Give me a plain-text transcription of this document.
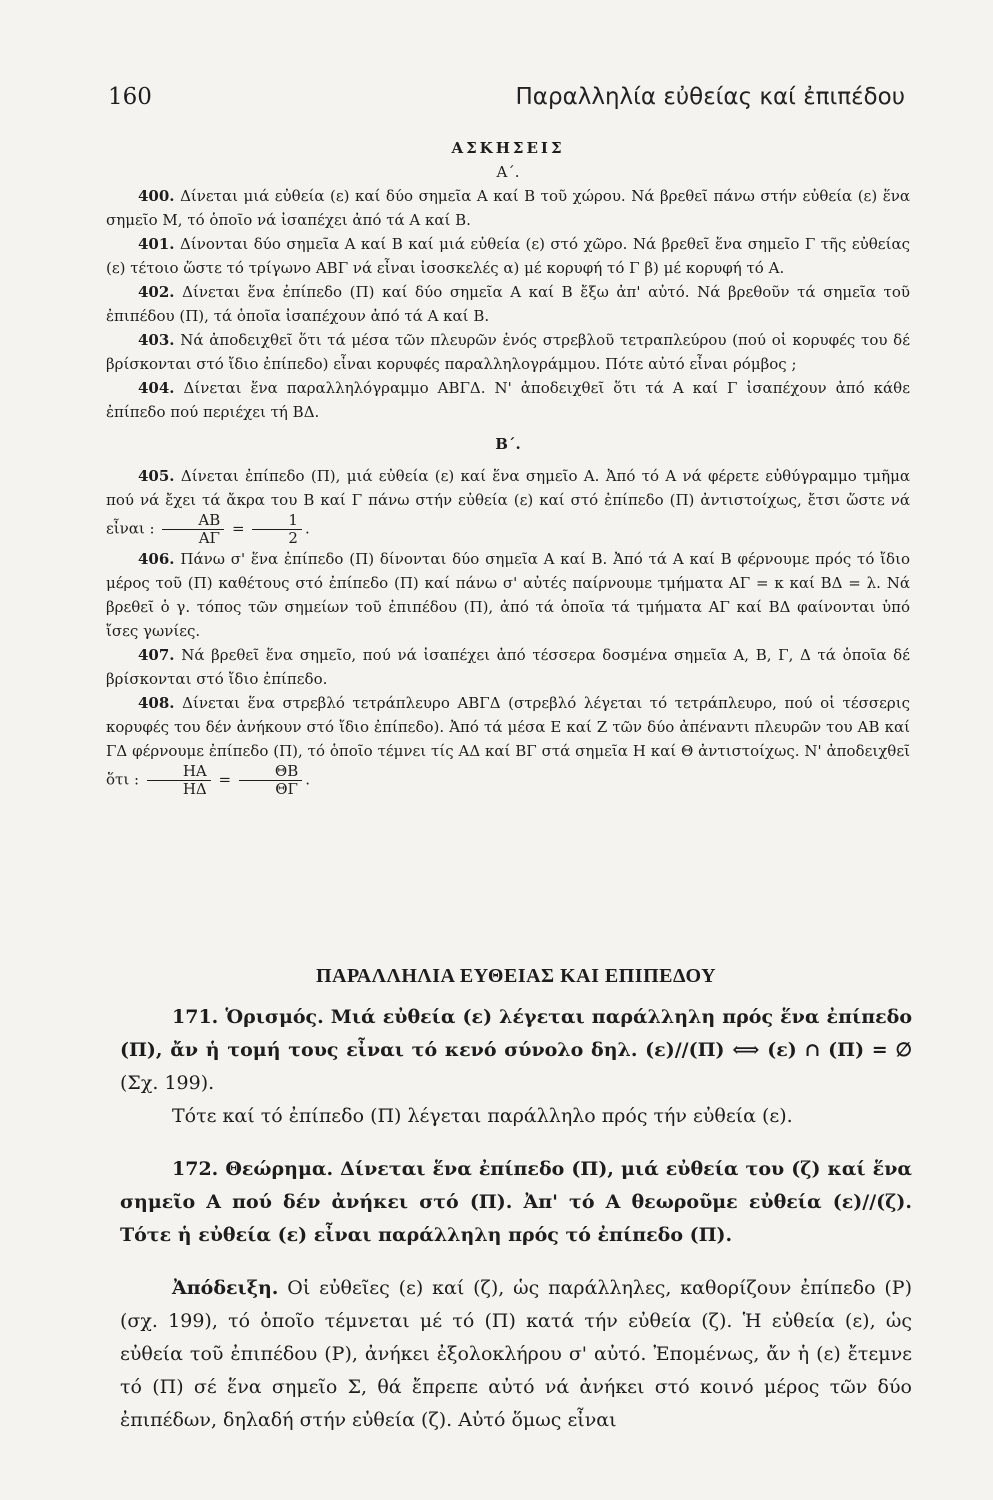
160	Παραλληλία εὐθείας καί ἐπιπέδου
ΑΣΚΗΣΕΙΣ
Α΄.

400. Δίνεται μιά εὐθεία (ε) καί δύο σημεῖα Α καί Β τοῦ χώρου. Νά βρεθεῖ πάνω στήν εὐθεία (ε) ἕνα σημεῖο Μ, τό ὁποῖο νά ἰσαπέχει ἀπό τά Α καί Β.

401. Δίνονται δύο σημεῖα Α καί Β καί μιά εὐθεία (ε) στό χῶρο. Νά βρεθεῖ ἕνα σημεῖο Γ τῆς εὐθείας (ε) τέτοιο ὥστε τό τρίγωνο ΑΒΓ νά εἶναι ἰσοσκελές α) μέ κορυφή τό Γ β) μέ κορυφή τό Α.

402. Δίνεται ἕνα ἐπίπεδο (Π) καί δύο σημεῖα Α καί Β ἔξω ἀπ' αὐτό. Νά βρεθοῦν τά σημεῖα τοῦ ἐπιπέδου (Π), τά ὁποῖα ἰσαπέχουν ἀπό τά Α καί Β.

403. Νά ἀποδειχθεῖ ὅτι τά μέσα τῶν πλευρῶν ἑνός στρεβλοῦ τετραπλεύρου (πού οἱ κορυφές του δέ βρίσκονται στό ἴδιο ἐπίπεδο) εἶναι κορυφές παραλληλογράμμου. Πότε αὐτό εἶναι ρόμβος ;

404. Δίνεται ἕνα παραλληλόγραμμο ΑΒΓΔ. Ν' ἀποδειχθεῖ ὅτι τά Α καί Γ ἰσαπέχουν ἀπό κάθε ἐπίπεδο πού περιέχει τή ΒΔ.

Β΄.

405. Δίνεται ἐπίπεδο (Π), μιά εὐθεία (ε) καί ἕνα σημεῖο Α. Ἀπό τό Α νά φέρετε εὐθύγραμμο τμῆμα πού νά ἔχει τά ἄκρα του Β καί Γ πάνω στήν εὐθεία (ε) καί στό ἐπίπεδο (Π) ἀντιστοίχως, ἔτσι ὥστε νά εἶναι : $\frac{AB}{A\Gamma} = \frac{1}{2}$ .

406. Πάνω σ' ἕνα ἐπίπεδο (Π) δίνονται δύο σημεῖα Α καί Β. Ἀπό τά Α καί Β φέρνουμε πρός τό ἴδιο μέρος τοῦ (Π) καθέτους στό ἐπίπεδο (Π) καί πάνω σ' αὐτές παίρνουμε τμήματα ΑΓ = κ καί ΒΔ = λ. Νά βρεθεῖ ὁ γ. τόπος τῶν σημείων τοῦ ἐπιπέδου (Π), ἀπό τά ὁποῖα τά τμήματα ΑΓ καί ΒΔ φαίνονται ὑπό ἴσες γωνίες.

407. Νά βρεθεῖ ἕνα σημεῖο, πού νά ἰσαπέχει ἀπό τέσσερα δοσμένα σημεῖα Α, Β, Γ, Δ τά ὁποῖα δέ βρίσκονται στό ἴδιο ἐπίπεδο.

408. Δίνεται ἕνα στρεβλό τετράπλευρο ΑΒΓΔ (στρεβλό λέγεται τό τετράπλευρο, πού οἱ τέσσερις κορυφές του δέν ἀνήκουν στό ἴδιο ἐπίπεδο). Ἀπό τά μέσα Ε καί Ζ τῶν δύο ἀπέναντι πλευρῶν του ΑΒ καί ΓΔ φέρνουμε ἐπίπεδο (Π), τό ὁποῖο τέμνει τίς ΑΔ καί ΒΓ στά σημεῖα Η καί Θ ἀντιστοίχως. Ν' ἀποδειχθεῖ ὅτι : $\frac{HA}{H\Delta} = \frac{\Theta B}{\Theta\Gamma}$ .

ΠΑΡΑΛΛΗΛΙΑ ΕΥΘΕΙΑΣ ΚΑΙ ΕΠΙΠΕΔΟΥ

171. Ὁρισμός. Μιά εὐθεία (ε) λέγεται παράλληλη πρός ἕνα ἐπίπεδο (Π), ἄν ἡ τομή τους εἶναι τό κενό σύνολο δηλ. (ε)//(Π) ⟺ (ε) ∩ (Π) = ∅ (Σχ. 199).

Τότε καί τό ἐπίπεδο (Π) λέγεται παράλληλο πρός τήν εὐθεία (ε).

172. Θεώρημα. Δίνεται ἕνα ἐπίπεδο (Π), μιά εὐθεία του (ζ) καί ἕνα σημεῖο Α πού δέν ἀνήκει στό (Π). Ἀπ' τό Α θεωροῦμε εὐθεία (ε)//(ζ). Τότε ἡ εὐθεία (ε) εἶναι παράλληλη πρός τό ἐπίπεδο (Π).

Ἀπόδειξη. Οἱ εὐθεῖες (ε) καί (ζ), ὡς παράλληλες, καθορίζουν ἐπίπεδο (Ρ) (σχ. 199), τό ὁποῖο τέμνεται μέ τό (Π) κατά τήν εὐθεία (ζ). Ἡ εὐθεία (ε), ὡς εὐθεία τοῦ ἐπιπέδου (Ρ), ἀνήκει ἐξολοκλήρου σ' αὐτό. Ἐπομένως, ἄν ἡ (ε) ἔτεμνε τό (Π) σέ ἕνα σημεῖο Σ, θά ἔπρεπε αὐτό νά ἀνήκει στό κοινό μέρος τῶν δύο ἐπιπέδων, δηλαδή στήν εὐθεία (ζ). Αὐτό ὅμως εἶναι
